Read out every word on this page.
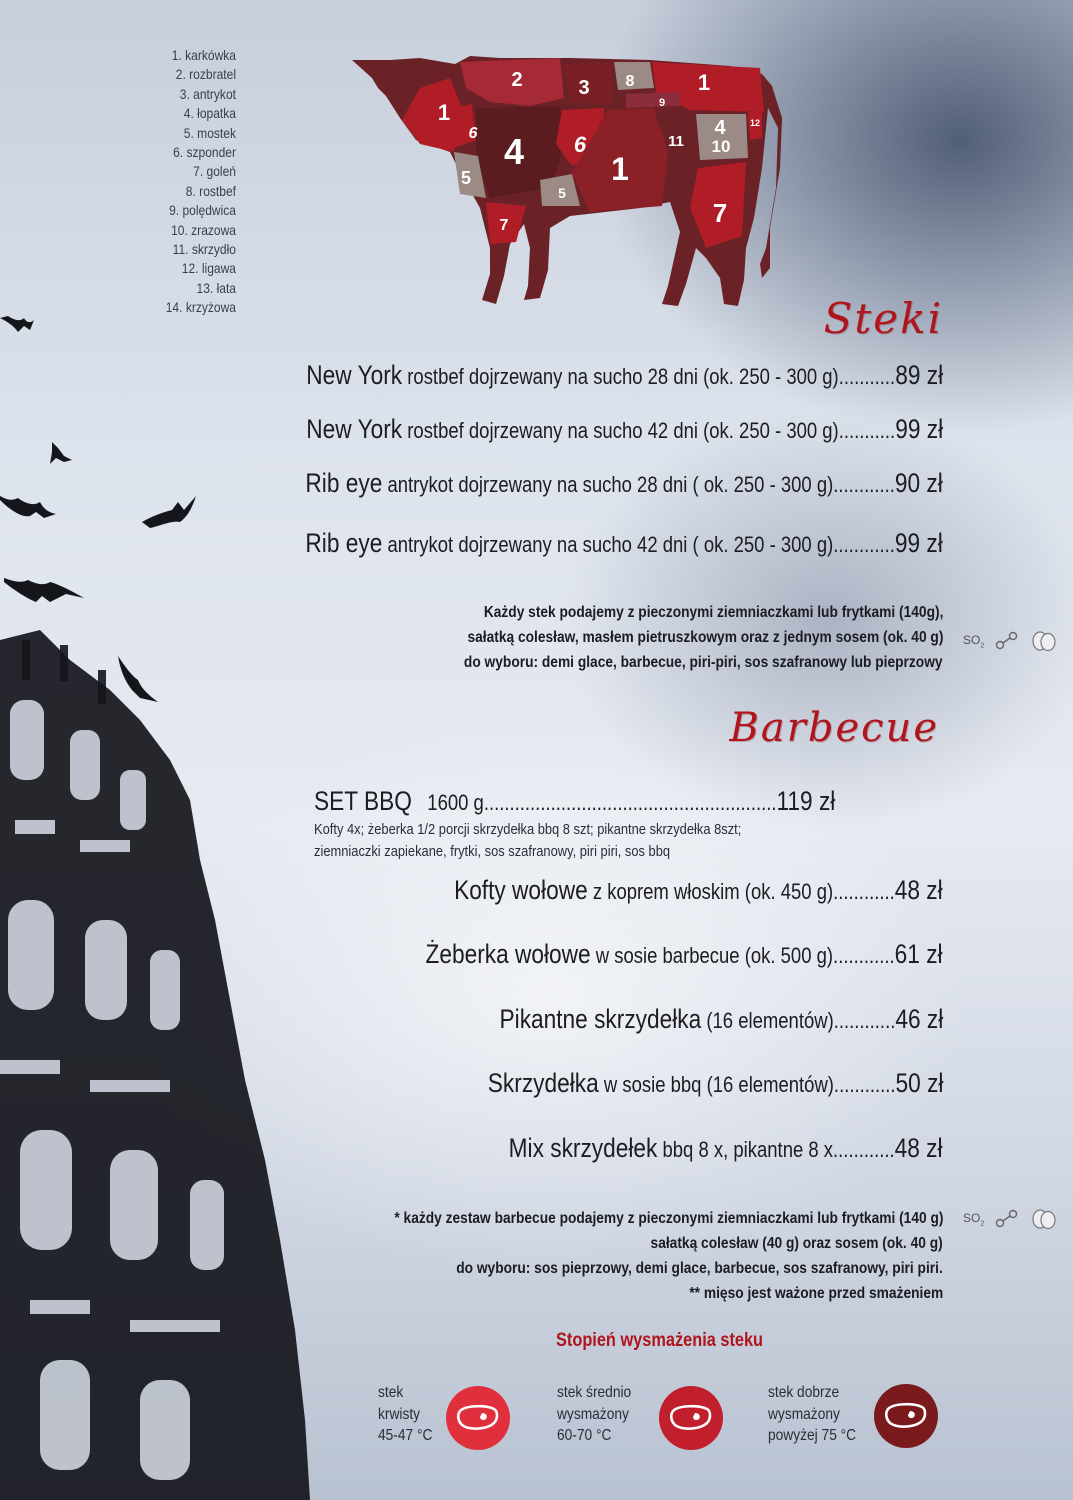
1. karkówka
2. rozbratel
3. antrykot
4. łopatka
5. mostek
6. szponder
7. goleń
8. rostbef
9. polędwica
10. zrazowa
11. skrzydło
12. ligawa
13. łata
14. krzyżowa
1
2	3 8	1
9
1
6 4 6	11
4
10
12
5
5
7	7
Steki
New York rostbef dojrzewany na sucho 28 dni (ok. 250 - 300 g)...........89 zł
New York rostbef dojrzewany na sucho 42 dni (ok. 250 - 300 g)...........99 zł
Rib eye antrykot dojrzewany na sucho 28 dni ( ok. 250 - 300 g)............90 zł
Rib eye antrykot dojrzewany na sucho 42 dni ( ok. 250 - 300 g)............99 zł
Każdy stek podajemy z pieczonymi ziemniaczkami lub frytkami (140g),
sałatką colesław, masłem pietruszkowym oraz z jednym sosem (ok. 40 g)
do wyboru: demi glace, barbecue, piri-piri, sos szafranowy lub pieprzowy
$SO_2$
Barbecue
SET BBQ 1600 g.........................................................119 zł
Kofty 4x; żeberka 1/2 porcji skrzydełka bbq 8 szt; pikantne skrzydełka 8szt;
ziemniaczki zapiekane, frytki, sos szafranowy, piri piri, sos bbq
Kofty wołowe z koprem włoskim (ok. 450 g)............48 zł
Żeberka wołowe w sosie barbecue (ok. 500 g)............61 zł
Pikantne skrzydełka (16 elementów)............46 zł
Skrzydełka w sosie bbq (16 elementów)............50 zł
Mix skrzydełek bbq 8 x, pikantne 8 x............48 zł
* każdy zestaw barbecue podajemy z pieczonymi ziemniaczkami lub frytkami (140 g)
sałatką colesław (40 g) oraz sosem (ok. 40 g)
do wyboru: sos pieprzowy, demi glace, barbecue, sos szafranowy, piri piri.
** mięso jest ważone przed smażeniem
$SO_2$
Stopień wysmażenia steku
stek
krwisty
45-47 °C
stek średnio
wysmażony
60-70 °C
stek dobrze
wysmażony
powyżej 75 °C
